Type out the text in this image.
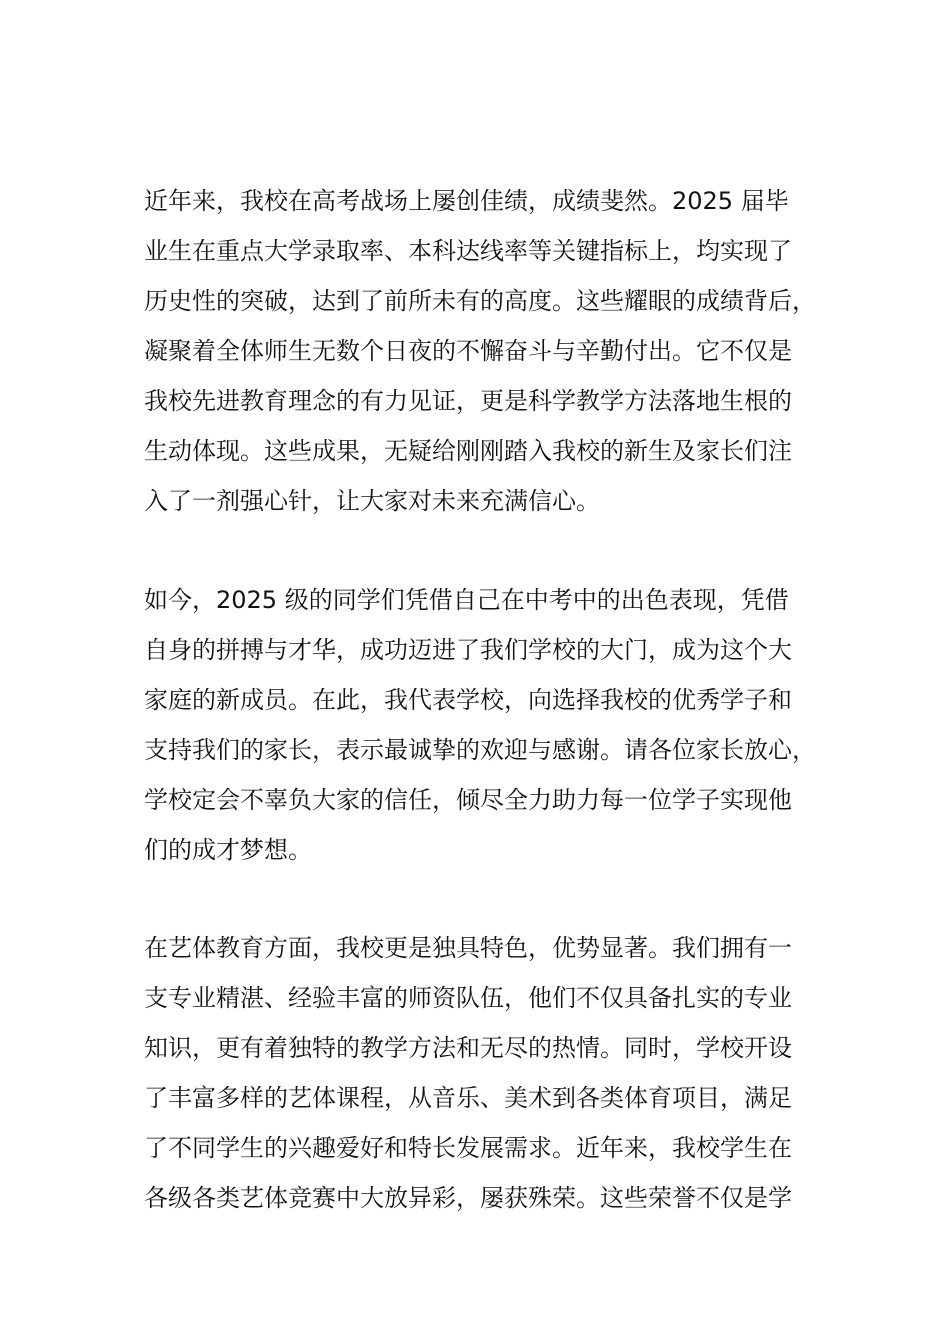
近年来，我校在高考战场上屡创佳绩，成绩斐然。2025 届毕
业生在重点大学录取率、本科达线率等关键指标上，均实现了
历史性的突破，达到了前所未有的高度。这些耀眼的成绩背后，
凝聚着全体师生无数个日夜的不懈奋斗与辛勤付出。它不仅是
我校先进教育理念的有力见证，更是科学教学方法落地生根的
生动体现。这些成果，无疑给刚刚踏入我校的新生及家长们注
入了一剂强心针，让大家对未来充满信心。
如今，2025 级的同学们凭借自己在中考中的出色表现，凭借
自身的拼搏与才华，成功迈进了我们学校的大门，成为这个大
家庭的新成员。在此，我代表学校，向选择我校的优秀学子和
支持我们的家长，表示最诚挚的欢迎与感谢。请各位家长放心，
学校定会不辜负大家的信任，倾尽全力助力每一位学子实现他
们的成才梦想。
在艺体教育方面，我校更是独具特色，优势显著。我们拥有一
支专业精湛、经验丰富的师资队伍，他们不仅具备扎实的专业
知识，更有着独特的教学方法和无尽的热情。同时，学校开设
了丰富多样的艺体课程，从音乐、美术到各类体育项目，满足
了不同学生的兴趣爱好和特长发展需求。近年来，我校学生在
各级各类艺体竞赛中大放异彩，屡获殊荣。这些荣誉不仅是学
